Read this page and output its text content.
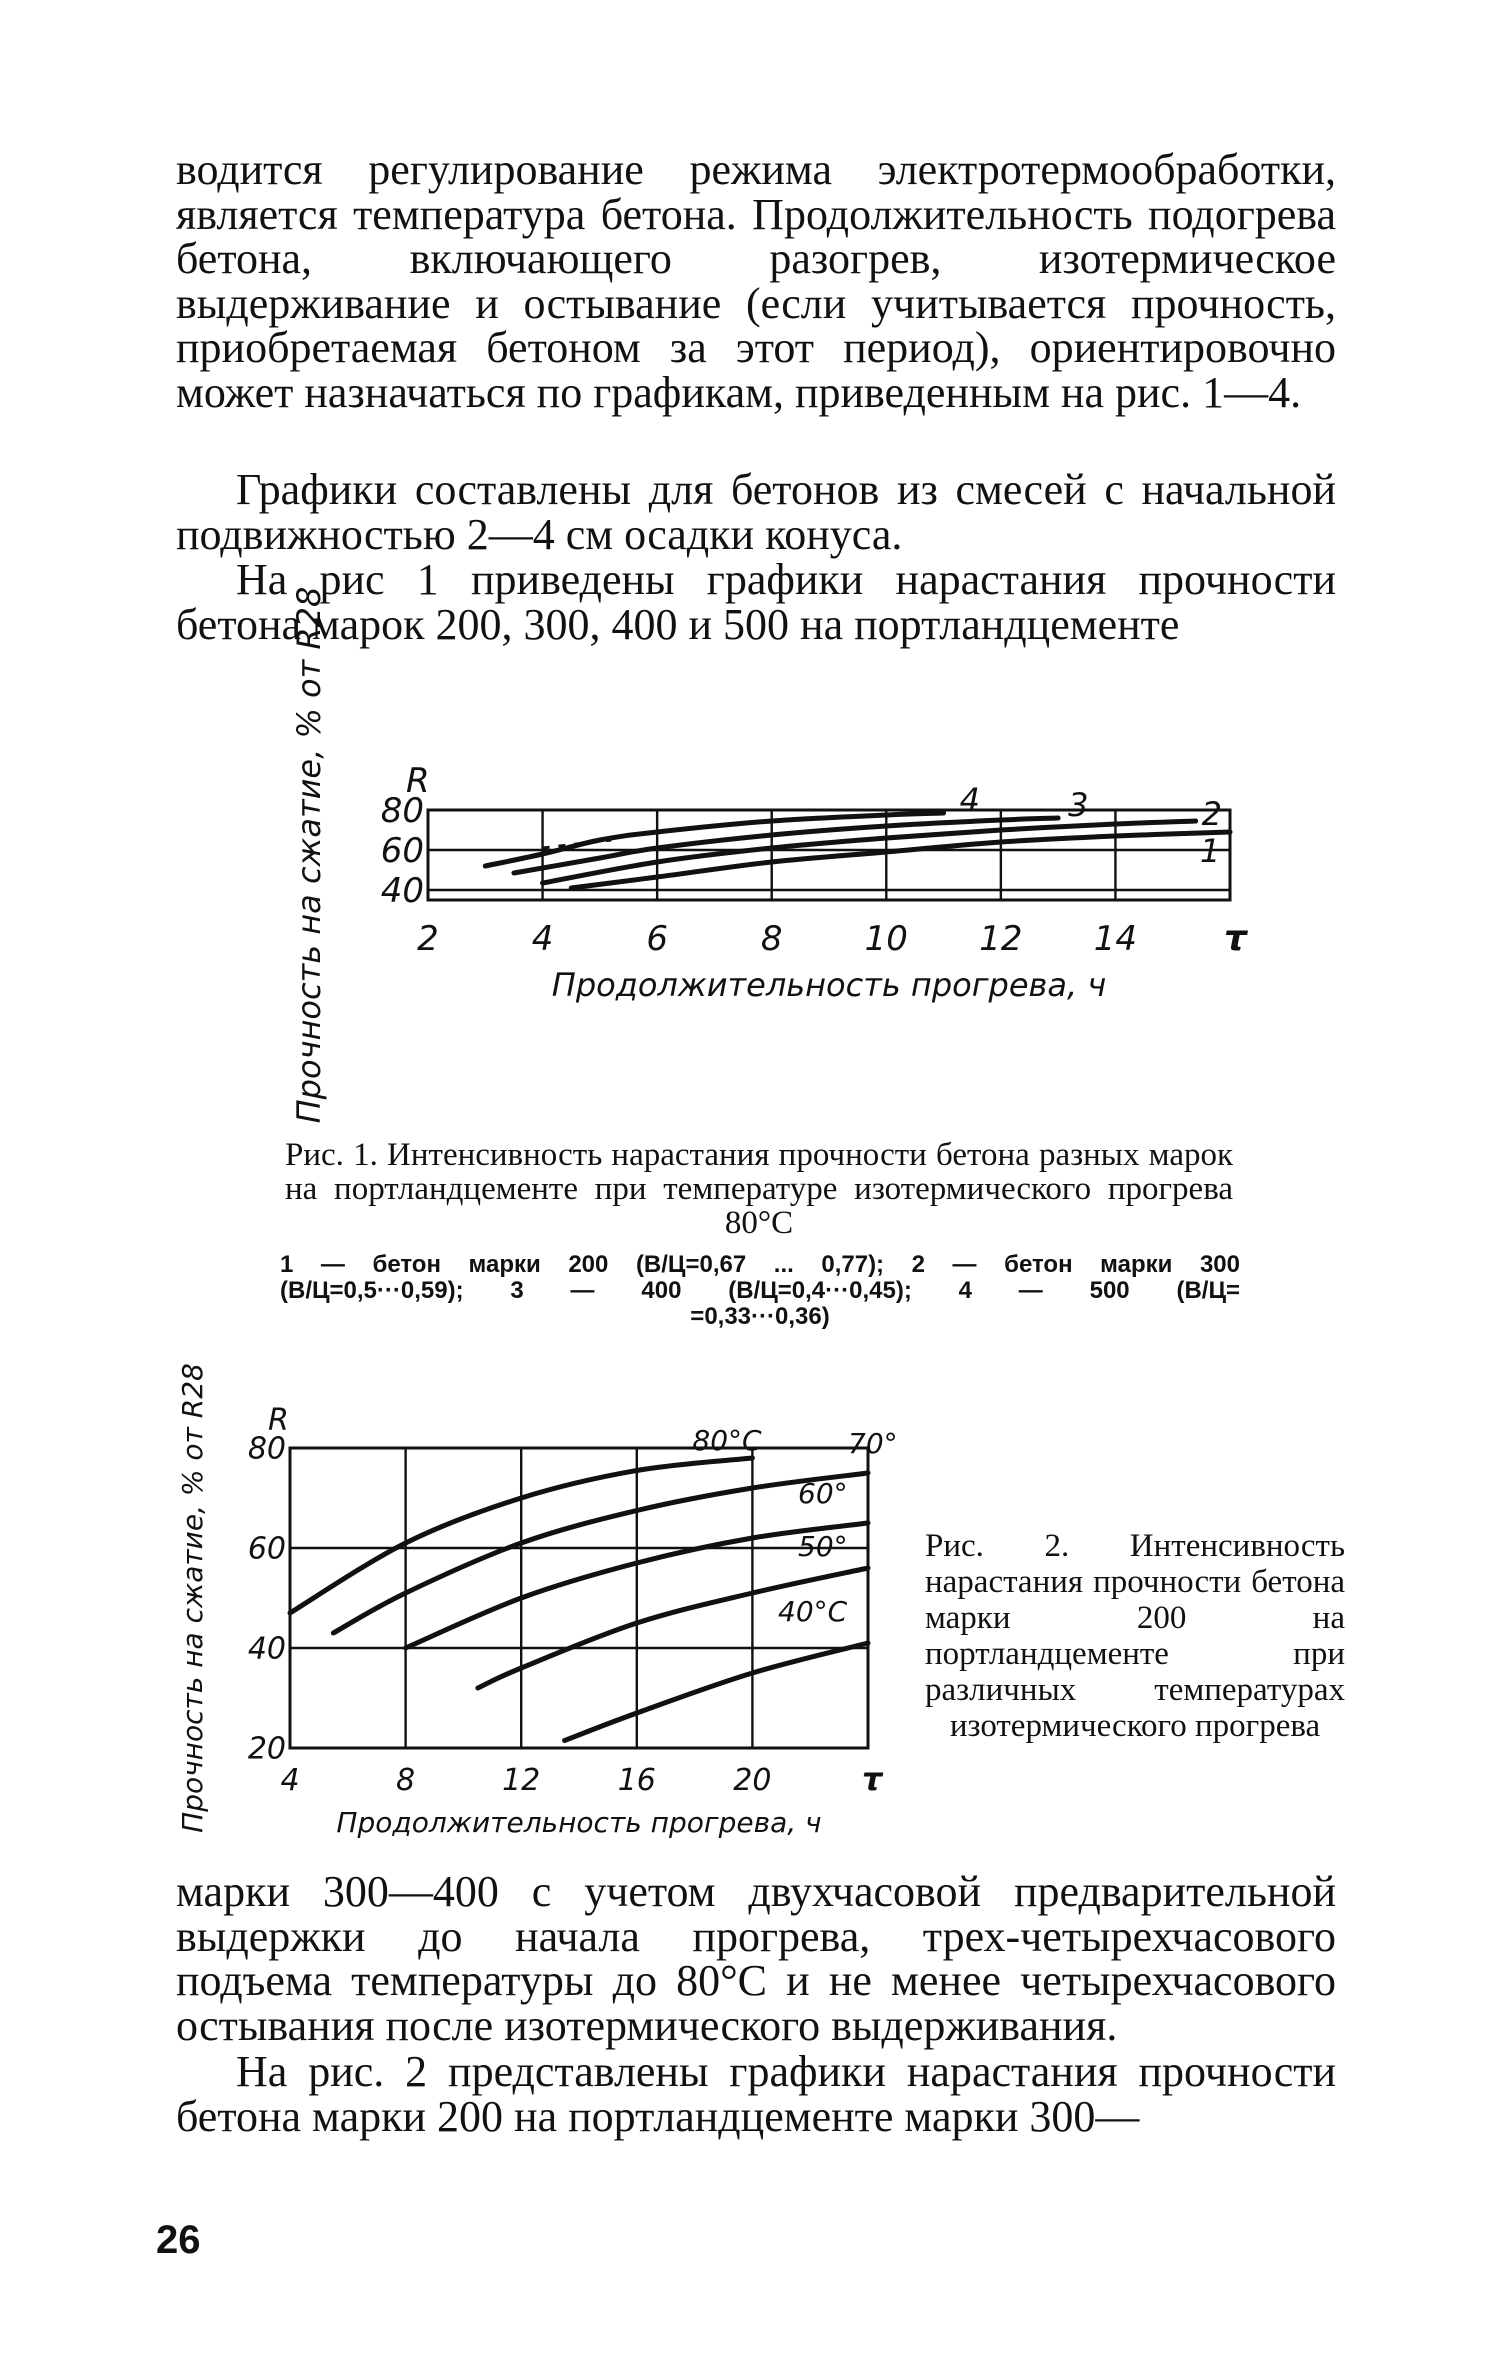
водится регулирование режима электротермообработки, является температура бетона. Продолжительность подогрева бетона, включающего разогрев, изотермическое выдерживание и остывание (если учитывается прочность, приобретаемая бетоном за этот период), ориентировочно может назначаться по графикам, приведенным на рис. 1—4.

Графики составлены для бетонов из смесей с начальной подвижностью 2—4 см осадки конуса.

На рис 1 приведены графики нарастания прочности бетона марок 200, 300, 400 и 500 на портландцементе

2	4	6	8 10 12 14
80
60
40
R
τ
Продолжительность прогрева, ч
Прочность на сжатие, % от R28	1
2
3
4

Рис. 1. Интенсивность нарастания прочности бетона разных марок на портландцементе при температуре изотермического прогрева 80°C

1 — бетон марки 200 (В/Ц=0,67 ... 0,77); 2 — бетон марки 300
(В/Ц=0,5···0,59); 3 — 400 (В/Ц=0,4···0,45); 4 — 500 (В/Ц=
=0,33···0,36)
4	8	12	16	20
80
60
40
20
R
τ
Продолжительность прогрева, ч
Прочность на сжатие, % от R28	80°С	70°
60°
50°
40°С

Рис. 2. Интенсивность нарастания прочности бетона марки 200 на портландцементе при различных температурах изотермического прогрева

марки 300—400 с учетом двухчасовой предварительной выдержки до начала прогрева, трех-четырехчасового подъема температуры до 80°C и не менее четырехчасового остывания после изотермического выдерживания.

На рис. 2 представлены графики нарастания прочности бетона марки 200 на портландцементе марки 300—

26
